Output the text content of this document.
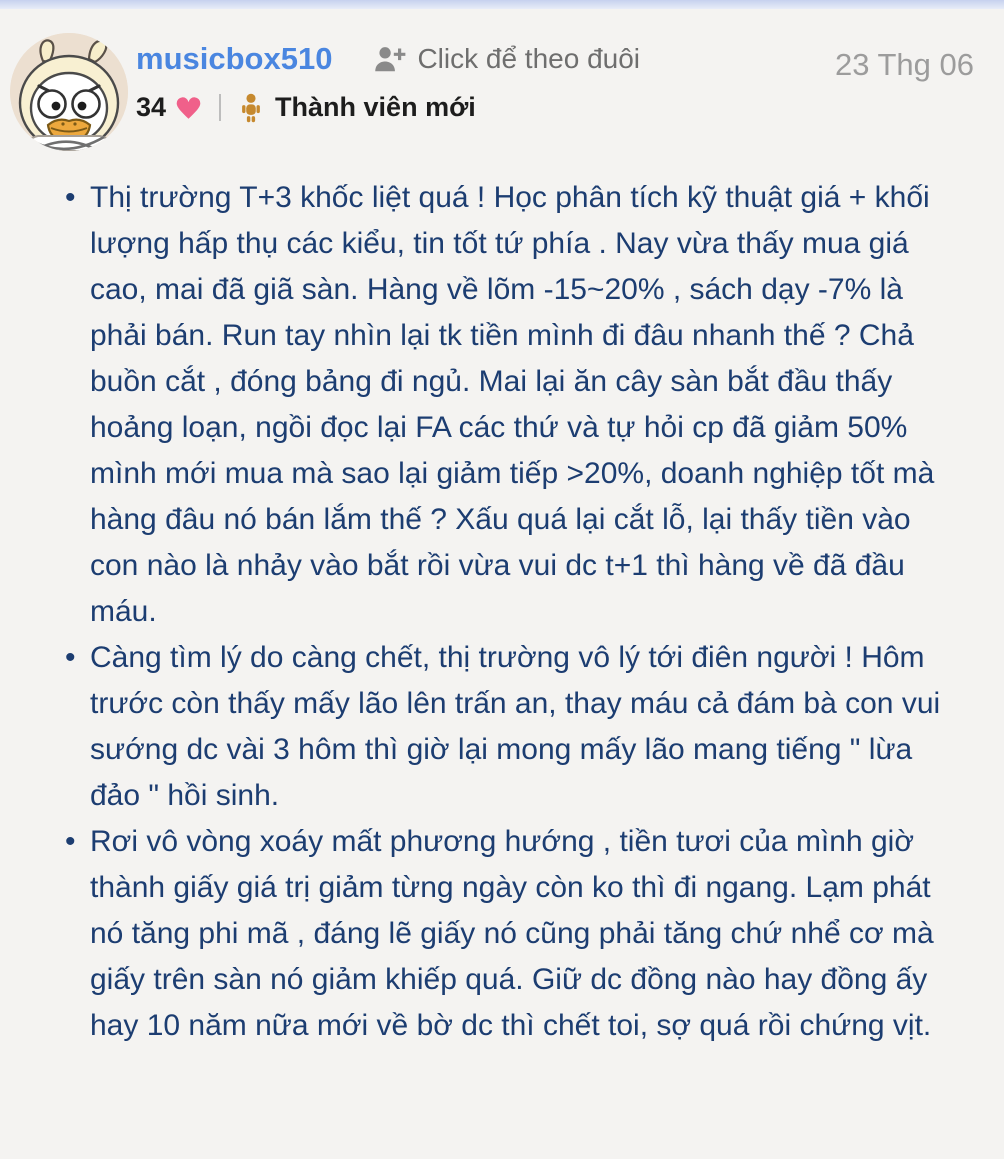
musicbox510	Click để theo đuôi
34	Thành viên mới
23 Thg 06
• Thị trường T+3 khốc liệt quá ! Học phân tích kỹ thuật giá + khối lượng hấp thụ các kiểu, tin tốt tứ phía . Nay vừa thấy mua giá cao, mai đã giã sàn. Hàng về lõm -15~20% , sách dạy -7% là phải bán. Run tay nhìn lại tk tiền mình đi đâu nhanh thế ? Chả buồn cắt , đóng bảng đi ngủ. Mai lại ăn cây sàn bắt đầu thấy hoảng loạn, ngồi đọc lại FA các thứ và tự hỏi cp đã giảm 50% mình mới mua mà sao lại giảm tiếp >20%, doanh nghiệp tốt mà hàng đâu nó bán lắm thế ? Xấu quá lại cắt lỗ, lại thấy tiền vào con nào là nhảy vào bắt rồi vừa vui dc t+1 thì hàng về đã đầu máu.
• Càng tìm lý do càng chết, thị trường vô lý tới điên người ! Hôm trước còn thấy mấy lão lên trấn an, thay máu cả đám bà con vui sướng dc vài 3 hôm thì giờ lại mong mấy lão mang tiếng " lừa đảo " hồi sinh.
• Rơi vô vòng xoáy mất phương hướng , tiền tươi của mình giờ thành giấy giá trị giảm từng ngày còn ko thì đi ngang. Lạm phát nó tăng phi mã , đáng lẽ giấy nó cũng phải tăng chứ nhể cơ mà giấy trên sàn nó giảm khiếp quá. Giữ dc đồng nào hay đồng ấy hay 10 năm nữa mới về bờ dc thì chết toi, sợ quá rồi chứng vịt.
